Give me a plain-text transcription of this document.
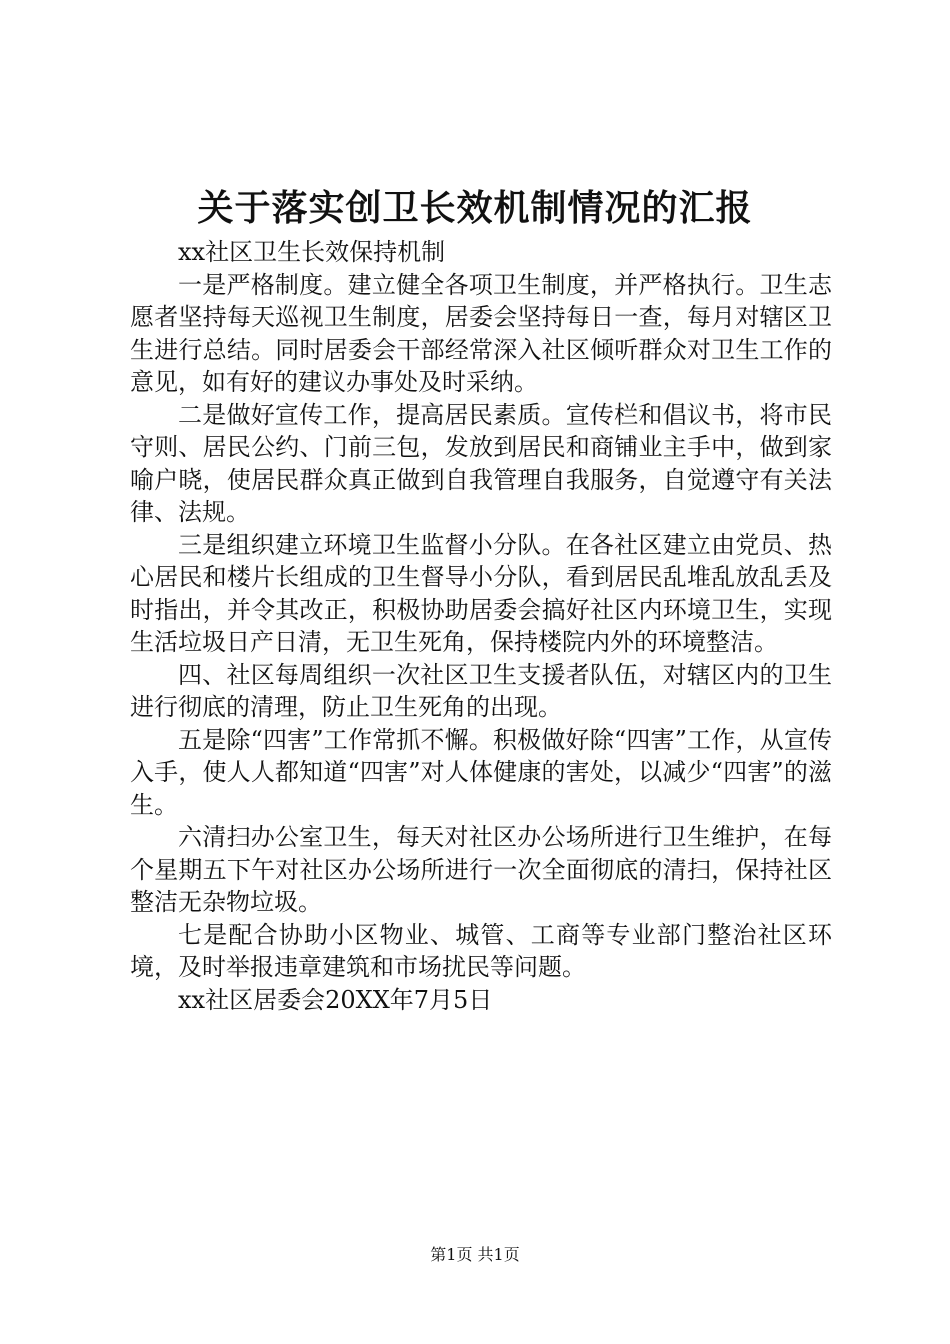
关于落实创卫长效机制情况的汇报

xx社区卫生长效保持机制

一是严格制度。建立健全各项卫生制度，并严格执行。卫生志愿者坚持每天巡视卫生制度，居委会坚持每日一查，每月对辖区卫生进行总结。同时居委会干部经常深入社区倾听群众对卫生工作的意见，如有好的建议办事处及时采纳。

二是做好宣传工作，提高居民素质。宣传栏和倡议书，将市民守则、居民公约、门前三包，发放到居民和商铺业主手中，做到家喻户晓，使居民群众真正做到自我管理自我服务，自觉遵守有关法律、法规。

三是组织建立环境卫生监督小分队。在各社区建立由党员、热心居民和楼片长组成的卫生督导小分队，看到居民乱堆乱放乱丢及时指出，并令其改正，积极协助居委会搞好社区内环境卫生，实现生活垃圾日产日清，无卫生死角，保持楼院内外的环境整洁。

四、社区每周组织一次社区卫生支援者队伍，对辖区内的卫生进行彻底的清理，防止卫生死角的出现。

五是除“四害”工作常抓不懈。积极做好除“四害”工作，从宣传入手，使人人都知道“四害”对人体健康的害处，以减少“四害”的滋生。

六清扫办公室卫生，每天对社区办公场所进行卫生维护，在每个星期五下午对社区办公场所进行一次全面彻底的清扫，保持社区整洁无杂物垃圾。

七是配合协助小区物业、城管、工商等专业部门整治社区环境，及时举报违章建筑和市场扰民等问题。

xx社区居委会20XX年7月5日

第1页 共1页
